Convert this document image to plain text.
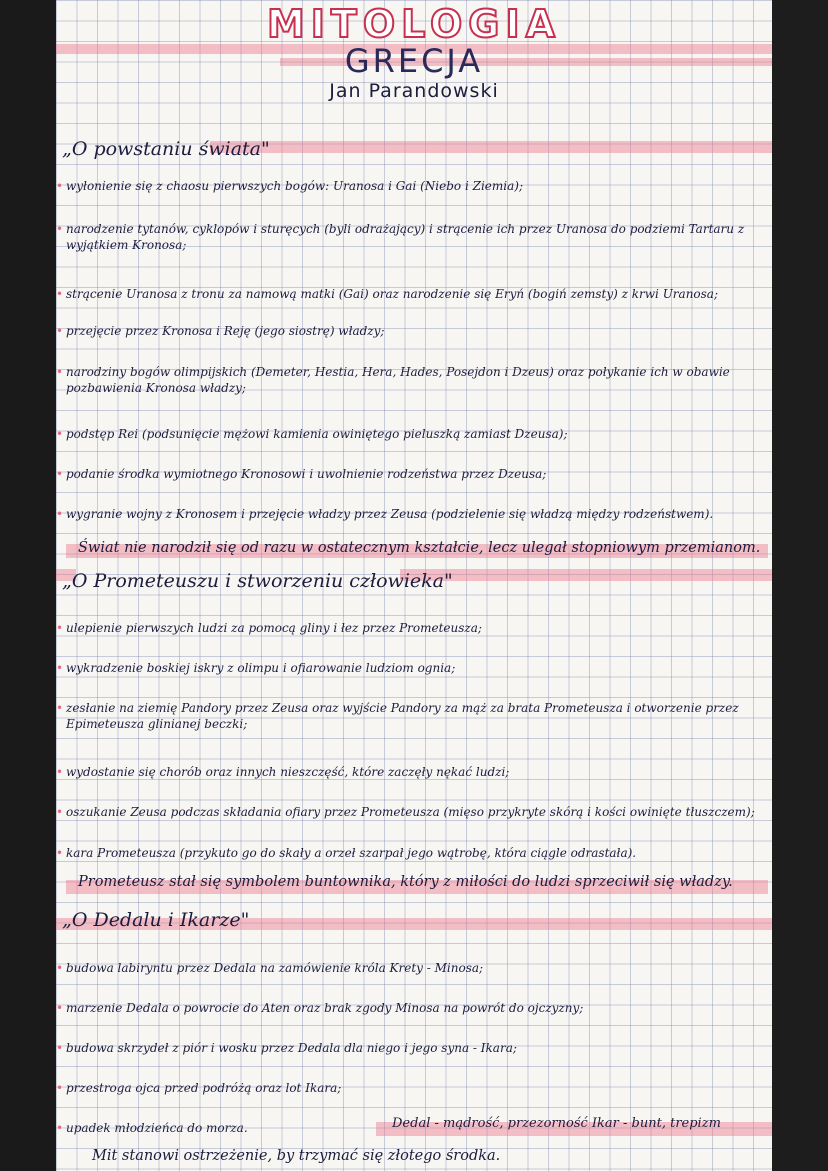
MITOLOGIA
GRECJA
Jan Parandowski
„O powstaniu świata"
• wyłonienie się z chaosu pierwszych bogów: Uranosa i Gai (Niebo i Ziemia);
• narodzenie tytanów, cyklopów i sturęcych (byli odrażający) i strącenie ich przez Uranosa do podziemi Tartaru z wyjątkiem Kronosa;
• strącenie Uranosa z tronu za namową matki (Gai) oraz narodzenie się Eryń (bogiń zemsty) z krwi Uranosa;
• przejęcie przez Kronosa i Reję (jego siostrę) władzy;
• narodziny bogów olimpijskich (Demeter, Hestia, Hera, Hades, Posejdon i Dzeus) oraz połykanie ich w obawie pozbawienia Kronosa władzy;
• podstęp Rei (podsunięcie mężowi kamienia owiniętego pieluszką zamiast Dzeusa);
• podanie środka wymiotnego Kronosowi i uwolnienie rodzeństwa przez Dzeusa;
• wygranie wojny z Kronosem i przejęcie władzy przez Zeusa (podzielenie się władzą między rodzeństwem).
Świat nie narodził się od razu w ostatecznym kształcie, lecz ulegał stopniowym przemianom.
„O Prometeuszu i stworzeniu człowieka"
• ulepienie pierwszych ludzi za pomocą gliny i łez przez Prometeusza;
• wykradzenie boskiej iskry z olimpu i ofiarowanie ludziom ognia;
• zesłanie na ziemię Pandory przez Zeusa oraz wyjście Pandory za mąż za brata Prometeusza i otworzenie przez Epimeteusza glinianej beczki;
• wydostanie się chorób oraz innych nieszczęść, które zaczęły nękać ludzi;
• oszukanie Zeusa podczas składania ofiary przez Prometeusza (mięso przykryte skórą i kości owinięte tłuszczem);
• kara Prometeusza (przykuto go do skały a orzeł szarpał jego wątrobę, która ciągle odrastała).
Prometeusz stał się symbolem buntownika, który z miłości do ludzi sprzeciwił się władzy.
„O Dedalu i Ikarze"
• budowa labiryntu przez Dedala na zamówienie króla Krety - Minosa;
• marzenie Dedala o powrocie do Aten oraz brak zgody Minosa na powrót do ojczyzny;
• budowa skrzydeł z piór i wosku przez Dedala dla niego i jego syna - Ikara;
• przestroga ojca przed podróżą oraz lot Ikara;
• upadek młodzieńca do morza.	Dedal - mądrość, przezorność Ikar - bunt, trepizm
Mit stanowi ostrzeżenie, by trzymać się złotego środka.
